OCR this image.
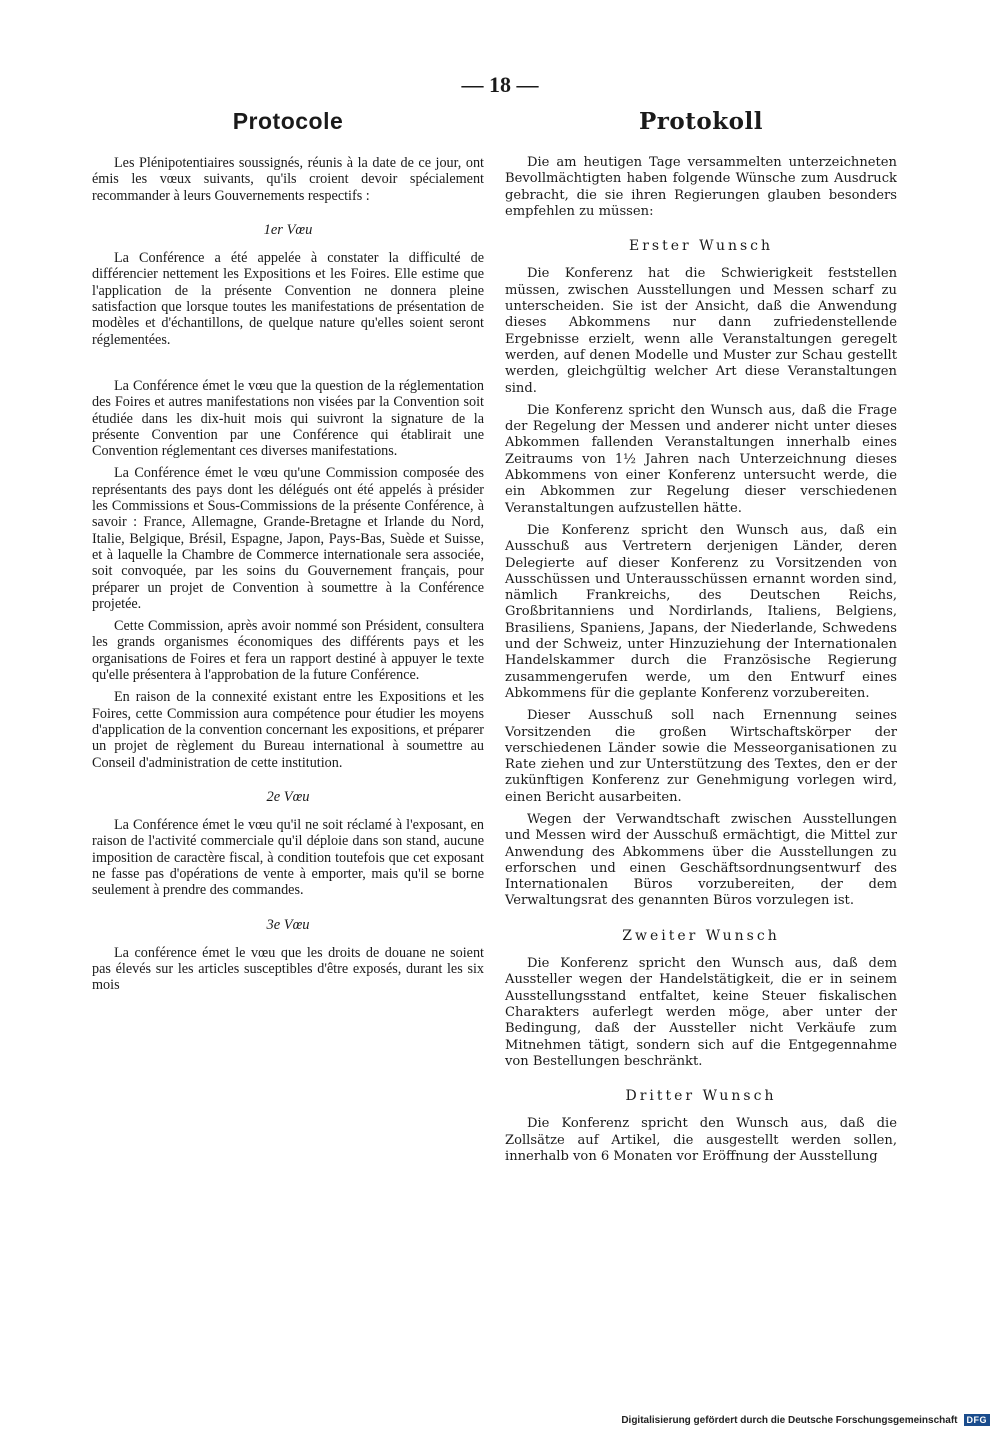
— 18 —
Protocole

Les Plénipotentiaires soussignés, réunis à la date de ce jour, ont émis les vœux suivants, qu'ils croient devoir spécialement recommander à leurs Gouvernements respectifs :

1er Vœu

La Conférence a été appelée à constater la difficulté de différencier nettement les Expositions et les Foires. Elle estime que l'application de la présente Convention ne donnera pleine satisfaction que lorsque toutes les manifestations de présentation de modèles et d'échantillons, de quelque nature qu'elles soient seront réglementées.

La Conférence émet le vœu que la question de la réglementation des Foires et autres manifestations non visées par la Convention soit étudiée dans les dix-huit mois qui suivront la signature de la présente Convention par une Conférence qui établirait une Convention réglementant ces diverses manifestations.

La Conférence émet le vœu qu'une Commission composée des représentants des pays dont les délégués ont été appelés à présider les Commissions et Sous-Commissions de la présente Conférence, à savoir : France, Allemagne, Grande-Bretagne et Irlande du Nord, Italie, Belgique, Brésil, Espagne, Japon, Pays-Bas, Suède et Suisse, et à laquelle la Chambre de Commerce internationale sera associée, soit convoquée, par les soins du Gouvernement français, pour préparer un projet de Convention à soumettre à la Conférence projetée.

Cette Commission, après avoir nommé son Président, consultera les grands organismes économiques des différents pays et les organisations de Foires et fera un rapport destiné à appuyer le texte qu'elle présentera à l'approbation de la future Conférence.

En raison de la connexité existant entre les Expositions et les Foires, cette Commission aura compétence pour étudier les moyens d'application de la convention concernant les expositions, et préparer un projet de règlement du Bureau international à soumettre au Conseil d'administration de cette institution.

2e Vœu

La Conférence émet le vœu qu'il ne soit réclamé à l'exposant, en raison de l'activité commerciale qu'il déploie dans son stand, aucune imposition de caractère fiscal, à condition toutefois que cet exposant ne fasse pas d'opérations de vente à emporter, mais qu'il se borne seulement à prendre des commandes.

3e Vœu

La conférence émet le vœu que les droits de douane ne soient pas élevés sur les articles susceptibles d'être exposés, durant les six mois

Protokoll

Die am heutigen Tage versammelten unterzeichneten Bevollmächtigten haben folgende Wünsche zum Ausdruck gebracht, die sie ihren Regierungen glauben besonders empfehlen zu müssen:

Erster Wunsch

Die Konferenz hat die Schwierigkeit feststellen müssen, zwischen Ausstellungen und Messen scharf zu unterscheiden. Sie ist der Ansicht, daß die Anwendung dieses Abkommens nur dann zufriedenstellende Ergebnisse erzielt, wenn alle Veranstaltungen geregelt werden, auf denen Modelle und Muster zur Schau gestellt werden, gleichgültig welcher Art diese Veranstaltungen sind.

Die Konferenz spricht den Wunsch aus, daß die Frage der Regelung der Messen und anderer nicht unter dieses Abkommen fallenden Veranstaltungen innerhalb eines Zeitraums von 1½ Jahren nach Unterzeichnung dieses Abkommens von einer Konferenz untersucht werde, die ein Abkommen zur Regelung dieser verschiedenen Veranstaltungen aufzustellen hätte.

Die Konferenz spricht den Wunsch aus, daß ein Ausschuß aus Vertretern derjenigen Länder, deren Delegierte auf dieser Konferenz zu Vorsitzenden von Ausschüssen und Unterausschüssen ernannt worden sind, nämlich Frankreichs, des Deutschen Reichs, Großbritanniens und Nordirlands, Italiens, Belgiens, Brasiliens, Spaniens, Japans, der Niederlande, Schwedens und der Schweiz, unter Hinzuziehung der Internationalen Handelskammer durch die Französische Regierung zusammengerufen werde, um den Entwurf eines Abkommens für die geplante Konferenz vorzubereiten.

Dieser Ausschuß soll nach Ernennung seines Vorsitzenden die großen Wirtschaftskörper der verschiedenen Länder sowie die Messeorganisationen zu Rate ziehen und zur Unterstützung des Textes, den er der zukünftigen Konferenz zur Genehmigung vorlegen wird, einen Bericht ausarbeiten.

Wegen der Verwandtschaft zwischen Ausstellungen und Messen wird der Ausschuß ermächtigt, die Mittel zur Anwendung des Abkommens über die Ausstellungen zu erforschen und einen Geschäftsordnungsentwurf des Internationalen Büros vorzubereiten, der dem Verwaltungsrat des genannten Büros vorzulegen ist.

Zweiter Wunsch

Die Konferenz spricht den Wunsch aus, daß dem Aussteller wegen der Handelstätigkeit, die er in seinem Ausstellungsstand entfaltet, keine Steuer fiskalischen Charakters auferlegt werden möge, aber unter der Bedingung, daß der Aussteller nicht Verkäufe zum Mitnehmen tätigt, sondern sich auf die Entgegennahme von Bestellungen beschränkt.

Dritter Wunsch

Die Konferenz spricht den Wunsch aus, daß die Zollsätze auf Artikel, die ausgestellt werden sollen, innerhalb von 6 Monaten vor Eröffnung der Ausstellung

Digitalisierung gefördert durch die Deutsche Forschungsgemeinschaft	DFG
